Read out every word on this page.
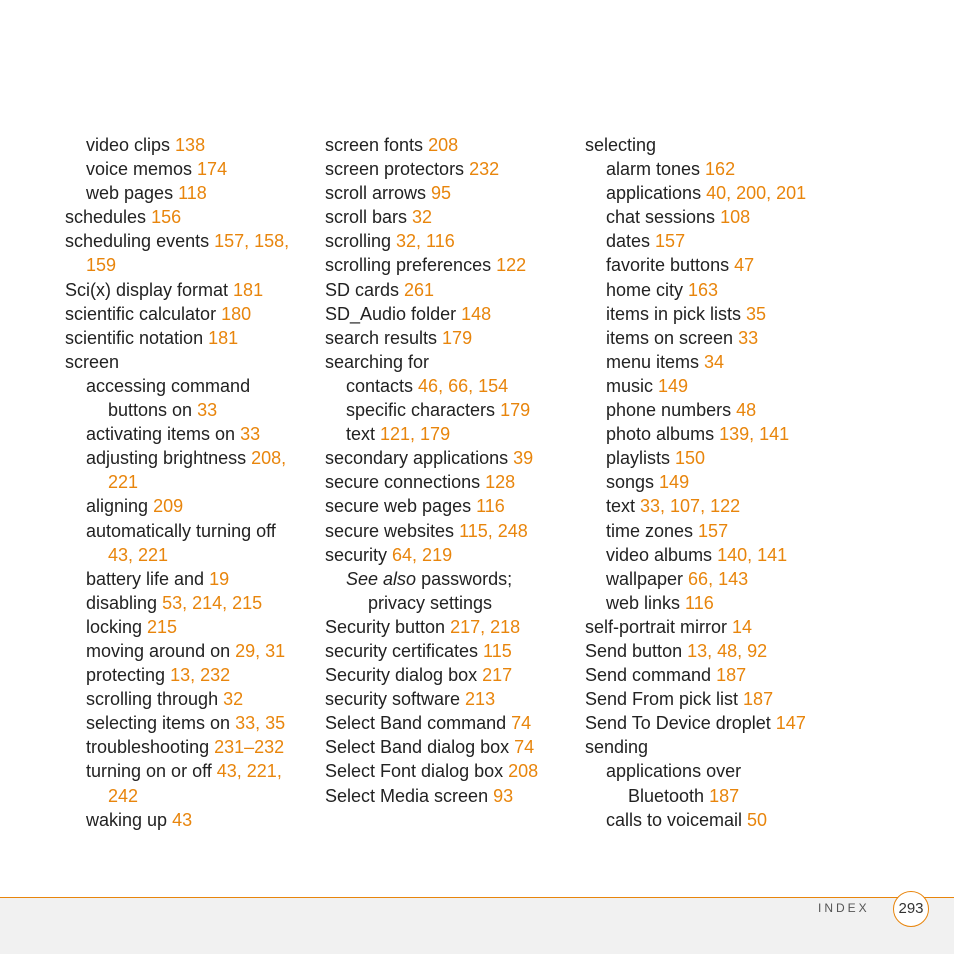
video clips 138
voice memos 174
web pages 118
schedules 156
scheduling events 157, 158,
159
Sci(x) display format 181
scientific calculator 180
scientific notation 181
screen
accessing command
buttons on 33
activating items on 33
adjusting brightness 208,
221
aligning 209
automatically turning off
43, 221
battery life and 19
disabling 53, 214, 215
locking 215
moving around on 29, 31
protecting 13, 232
scrolling through 32
selecting items on 33, 35
troubleshooting 231–232
turning on or off 43, 221,
242
waking up 43
screen fonts 208
screen protectors 232
scroll arrows 95
scroll bars 32
scrolling 32, 116
scrolling preferences 122
SD cards 261
SD_Audio folder 148
search results 179
searching for
contacts 46, 66, 154
specific characters 179
text 121, 179
secondary applications 39
secure connections 128
secure web pages 116
secure websites 115, 248
security 64, 219
See also passwords;
privacy settings
Security button 217, 218
security certificates 115
Security dialog box 217
security software 213
Select Band command 74
Select Band dialog box 74
Select Font dialog box 208
Select Media screen 93
selecting
alarm tones 162
applications 40, 200, 201
chat sessions 108
dates 157
favorite buttons 47
home city 163
items in pick lists 35
items on screen 33
menu items 34
music 149
phone numbers 48
photo albums 139, 141
playlists 150
songs 149
text 33, 107, 122
time zones 157
video albums 140, 141
wallpaper 66, 143
web links 116
self-portrait mirror 14
Send button 13, 48, 92
Send command 187
Send From pick list 187
Send To Device droplet 147
sending
applications over
Bluetooth 187
calls to voicemail 50
INDEX	293
